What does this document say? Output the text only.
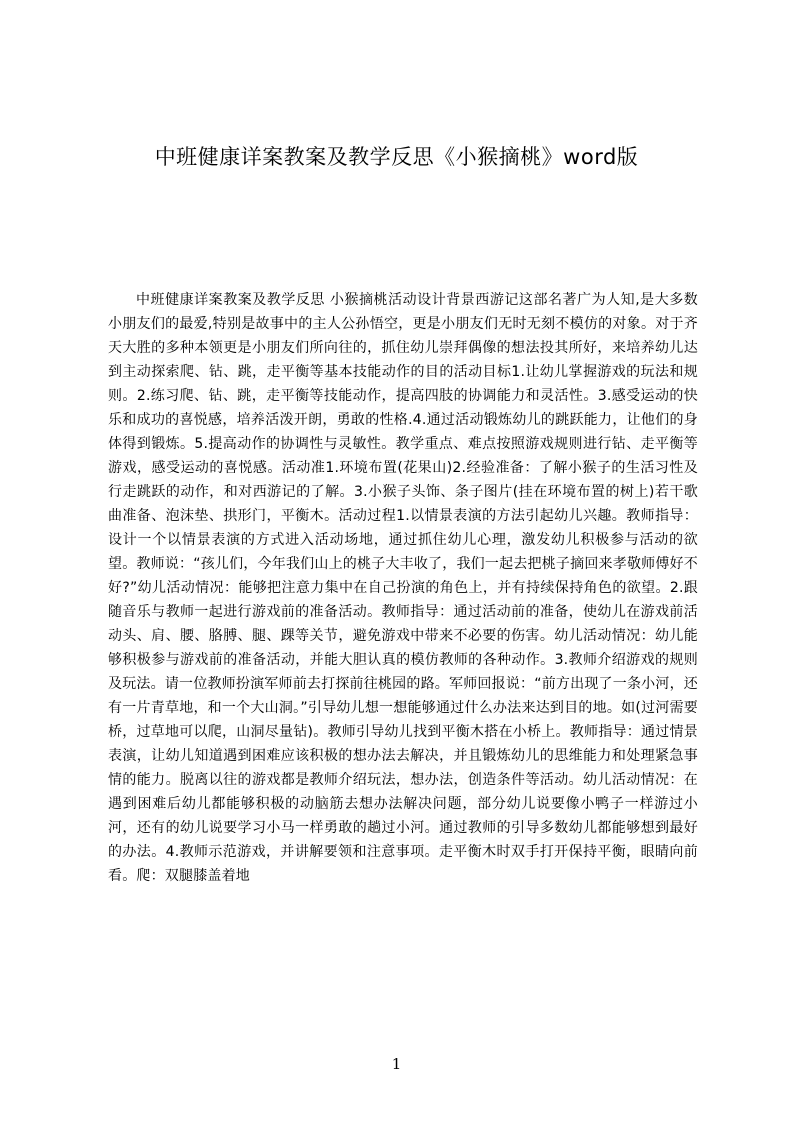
中班健康详案教案及教学反思《小猴摘桃》word版

中班健康详案教案及教学反思 小猴摘桃活动设计背景西游记这部名著广为人知,是大多数小朋友们的最爱,特别是故事中的主人公孙悟空，更是小朋友们无时无刻不模仿的对象。对于齐天大胜的多种本领更是小朋友们所向往的，抓住幼儿崇拜偶像的想法投其所好，来培养幼儿达到主动探索爬、钻、跳，走平衡等基本技能动作的目的活动目标1.让幼儿掌握游戏的玩法和规则。2.练习爬、钻、跳，走平衡等技能动作，提高四肢的协调能力和灵活性。3.感受运动的快乐和成功的喜悦感，培养活泼开朗，勇敢的性格.4.通过活动锻炼幼儿的跳跃能力，让他们的身体得到锻炼。5.提高动作的协调性与灵敏性。教学重点、难点按照游戏规则进行钻、走平衡等游戏，感受运动的喜悦感。活动准1.环境布置(花果山)2.经验准备：了解小猴子的生活习性及行走跳跃的动作，和对西游记的了解。3.小猴子头饰、条子图片(挂在环境布置的树上)若干歌曲准备、泡沫垫、拱形门，平衡木。活动过程1.以情景表演的方法引起幼儿兴趣。教师指导：设计一个以情景表演的方式进入活动场地，通过抓住幼儿心理，激发幼儿积极参与活动的欲望。教师说：“孩儿们，今年我们山上的桃子大丰收了，我们一起去把桃子摘回来孝敬师傅好不好?”幼儿活动情况：能够把注意力集中在自己扮演的角色上，并有持续保持角色的欲望。2.跟随音乐与教师一起进行游戏前的准备活动。教师指导：通过活动前的准备，使幼儿在游戏前活动头、肩、腰、胳膊、腿、踝等关节，避免游戏中带来不必要的伤害。幼儿活动情况：幼儿能够积极参与游戏前的准备活动，并能大胆认真的模仿教师的各种动作。3.教师介绍游戏的规则及玩法。请一位教师扮演军师前去打探前往桃园的路。军师回报说：“前方出现了一条小河，还有一片青草地，和一个大山洞。”引导幼儿想一想能够通过什么办法来达到目的地。如(过河需要桥，过草地可以爬，山洞尽量钻)。教师引导幼儿找到平衡木搭在小桥上。教师指导：通过情景表演，让幼儿知道遇到困难应该积极的想办法去解决，并且锻炼幼儿的思维能力和处理紧急事情的能力。脱离以往的游戏都是教师介绍玩法，想办法，创造条件等活动。幼儿活动情况：在遇到困难后幼儿都能够积极的动脑筋去想办法解决问题，部分幼儿说要像小鸭子一样游过小河，还有的幼儿说要学习小马一样勇敢的趟过小河。通过教师的引导多数幼儿都能够想到最好的办法。4.教师示范游戏，并讲解要领和注意事项。走平衡木时双手打开保持平衡，眼睛向前看。爬：双腿膝盖着地

1
